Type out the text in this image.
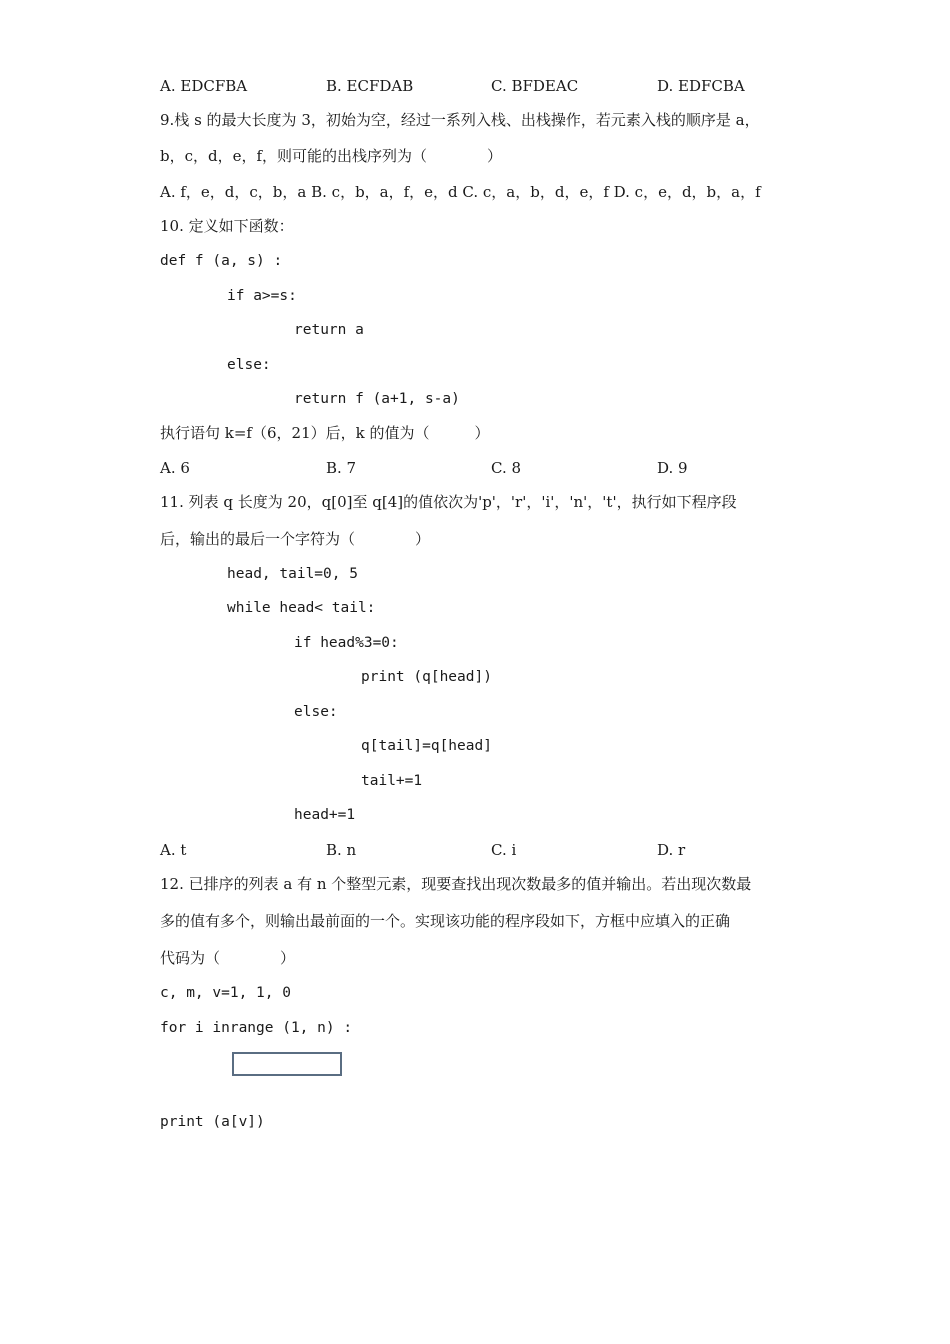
A. EDCFBA	B. ECFDAB	C. BFDEAC	D. EDFCBA
9.栈 s 的最大长度为 3，初始为空，经过一系列入栈、出栈操作，若元素入栈的顺序是 a，
b，c，d，e，f，则可能的出栈序列为（　　　　）
A. f，e，d，c，b，a B. c，b，a，f，e，d C. c，a，b，d，e，f D. c，e，d，b，a，f
10. 定义如下函数：
def f (a, s) :
if a>=s:
return a
else:
return f (a+1, s-a)
执行语句 k=f（6，21）后，k 的值为（　　　）
A. 6	B. 7	C. 8	D. 9
11. 列表 q 长度为 20，q[0]至 q[4]的值依次为'p'，'r'，'i'，'n'，'t'，执行如下程序段
后，输出的最后一个字符为（　　　　）
head, tail=0, 5
while head< tail:
if head%3=0:
print (q[head])
else:
q[tail]=q[head]
tail+=1
head+=1
A. t	B. n	C. i	D. r
12. 已排序的列表 a 有 n 个整型元素，现要查找出现次数最多的值并输出。若出现次数最
多的值有多个，则输出最前面的一个。实现该功能的程序段如下，方框中应填入的正确
代码为（　　　　）
c, m, v=1, 1, 0
for i inrange (1, n) :
print (a[v])
